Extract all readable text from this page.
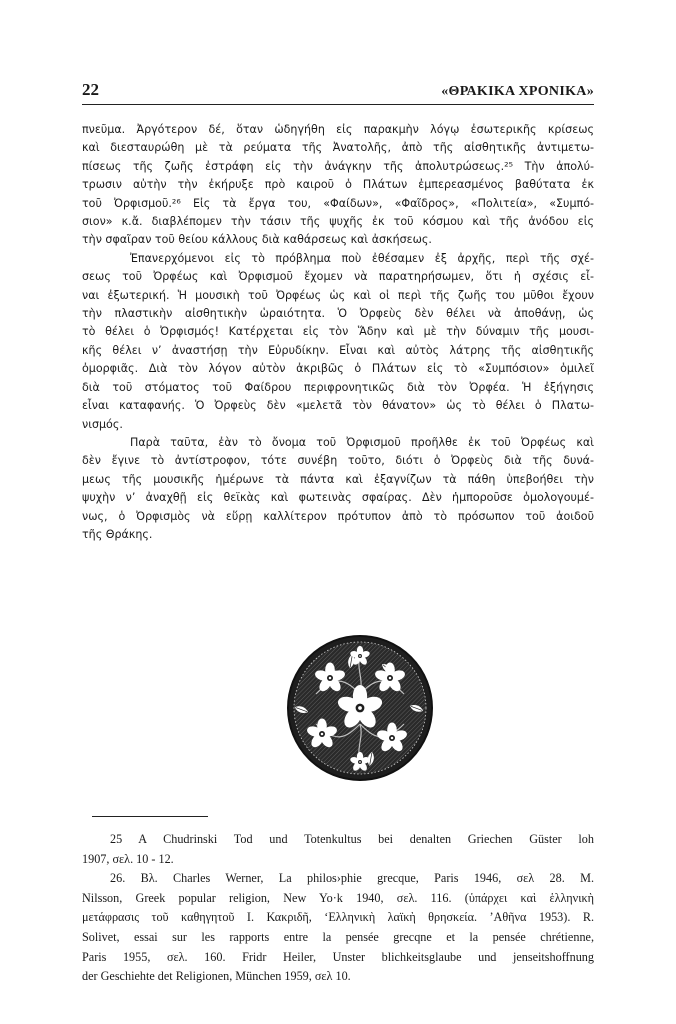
22	«ΘΡΑΚΙΚΑ ΧΡΟΝΙΚΑ»

πνεῦμα. Ἀργότερον δέ, ὅταν ὡδηγήθη εἰς παρακμὴν λόγῳ ἐσωτερικῆς κρίσεως
καὶ διεσταυρώθη μὲ τὰ ρεύματα τῆς Ἀνατολῆς, ἀπὸ τῆς αἰσθητικῆς ἀντιμετω-
πίσεως τῆς ζωῆς ἐστράφη εἰς τὴν ἀνάγκην τῆς ἀπολυτρώσεως.²⁵ Τὴν ἀπολύ-
τρωσιν αὐτὴν τὴν ἐκήρυξε πρὸ καιροῦ ὁ Πλάτων ἐμπερεασμένος βαθύτατα ἐκ
τοῦ Ὀρφισμοῦ.²⁶ Εἰς τὰ ἔργα του, «Φαίδων», «Φαῖδρος», «Πολιτεία», «Συμπό-
σιον» κ.ἄ. διαβλέπομεν τὴν τάσιν τῆς ψυχῆς ἐκ τοῦ κόσμου καὶ τῆς ἀνόδου εἰς
τὴν σφαῖραν τοῦ θείου κάλλους διὰ καθάρσεως καὶ ἀσκήσεως.

Ἐπανερχόμενοι εἰς τὸ πρόβλημα ποὺ ἐθέσαμεν ἐξ ἀρχῆς, περὶ τῆς σχέ-
σεως τοῦ Ὀρφέως καὶ Ὀρφισμοῦ ἔχομεν νὰ παρατηρήσωμεν, ὅτι ἡ σχέσις εἶ-
ναι ἐξωτερική. Ἡ μουσικὴ τοῦ Ὀρφέως ὡς καὶ οἱ περὶ τῆς ζωῆς του μῦθοι ἔχουν
τὴν πλαστικὴν αἰσθητικὴν ὡραιότητα. Ὁ Ὀρφεὺς δὲν θέλει νὰ ἀποθάνῃ, ὡς
τὸ θέλει ὁ Ὀρφισμός! Κατέρχεται εἰς τὸν Ἅδην καὶ μὲ τὴν δύναμιν τῆς μουσι-
κῆς θέλει ν’ ἀναστήσῃ τὴν Εὐρυδίκην. Εἶναι καὶ αὐτὸς λάτρης τῆς αἰσθητικῆς
ὀμορφιᾶς. Διὰ τὸν λόγον αὐτὸν ἀκριβῶς ὁ Πλάτων εἰς τὸ «Συμπόσιον» ὁμιλεῖ
διὰ τοῦ στόματος τοῦ Φαίδρου περιφρονητικῶς διὰ τὸν Ὀρφέα. Ἡ ἐξήγησις
εἶναι καταφανής. Ὁ Ὀρφεὺς δὲν «μελετᾶ τὸν θάνατον» ὡς τὸ θέλει ὁ Πλατω-
νισμός.

Παρὰ ταῦτα, ἐὰν τὸ ὄνομα τοῦ Ὀρφισμοῦ προῆλθε ἐκ τοῦ Ὀρφέως καὶ
δὲν ἔγινε τὸ ἀντίστροφον, τότε συνέβη τοῦτο, διότι ὁ Ὀρφεὺς διὰ τῆς δυνά-
μεως τῆς μουσικῆς ἡμέρωνε τὰ πάντα καὶ ἐξαγνίζων τὰ πάθη ὑπεβοήθει τὴν
ψυχὴν ν’ ἀναχθῇ εἰς θεϊκὰς καὶ φωτεινὰς σφαίρας. Δὲν ἠμποροῦσε ὁμολογουμέ-
νως, ὁ Ὀρφισμὸς νὰ εὕρῃ καλλίτερον πρότυπον ἀπὸ τὸ πρόσωπον τοῦ ἀοιδοῦ
τῆς Θράκης.

25 A Chudrinski Tod und Totenkultus bei denalten Griechen Güster loh
1907, σελ. 10 - 12.
26. Βλ. Charles Werner, La philos›phie grecque, Paris 1946, σελ 28. M.
Nilsson, Greek popular religion, New Yo·k 1940, σελ. 116. (ὑπάρχει καὶ ἑλληνικὴ
μετάφρασις τοῦ καθηγητοῦ Ι. Κακριδῆ, ‘Ελληνικὴ λαϊκὴ θρησκεία. ’Αθῆνα 1953). R.
Solivet, essai sur les rapports entre la pensée grecqne et la pensée chrétienne,
Paris 1955, σελ. 160. Fridr Heiler, Unster blichkeitsglaube und jenseitshoffnung
der Geschiehte det Religionen, München 1959, σελ 10.
